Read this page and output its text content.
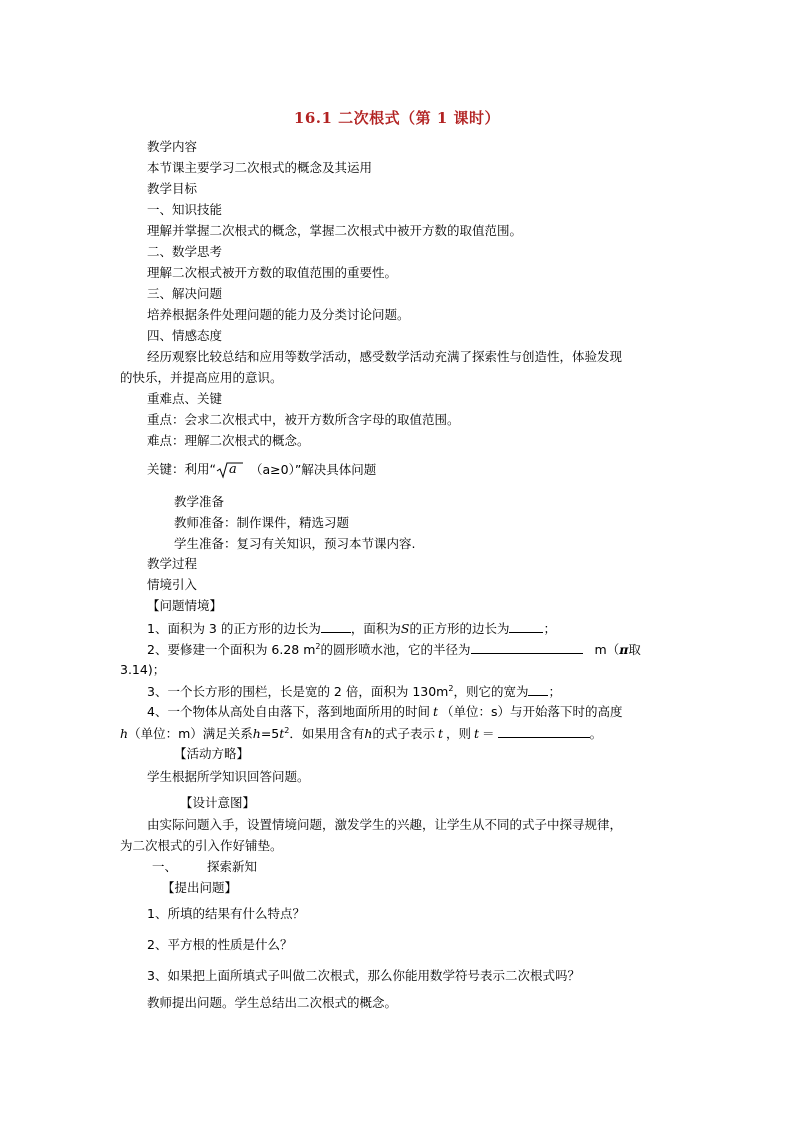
16.1 二次根式（第 1 课时）
教学内容
本节课主要学习二次根式的概念及其运用
教学目标
一、知识技能
理解并掌握二次根式的概念，掌握二次根式中被开方数的取值范围。
二、数学思考
理解二次根式被开方数的取值范围的重要性。
三、解决问题
培养根据条件处理问题的能力及分类讨论问题。
四、情感态度
经历观察比较总结和应用等数学活动，感受数学活动充满了探索性与创造性，体验发现
的快乐，并提高应用的意识。
重难点、关键
重点：会求二次根式中，被开方数所含字母的取值范围。
难点：理解二次根式的概念。
关键：利用“ a （a≥0）”解决具体问题
教学准备
教师准备：制作课件，精选习题
学生准备：复习有关知识，预习本节课内容.
教学过程
情境引入
【问题情境】
1、面积为 3 的正方形的边长为 ，面积为S的正方形的边长为	；
2、要修建一个面积为 6.28 $m^2$的圆形喷水池，它的半径为	m（π取
3.14)；
3、一个长方形的围栏，长是宽的 2 倍，面积为 $130m^2$，则它的宽为 ；
4、一个物体从高处自由落下，落到地面所用的时间 t （单位：s）与开始落下时的高度
h（单位：m）满足关系$h=5t^2$．如果用含有h的式子表示 t ，则 t ＝	。
【活动方略】
学生根据所学知识回答问题。
【设计意图】
由实际问题入手，设置情境问题，激发学生的兴趣，让学生从不同的式子中探寻规律，
为二次根式的引入作好铺垫。
一、 探索新知
【提出问题】
1、所填的结果有什么特点？
2、平方根的性质是什么？
3、如果把上面所填式子叫做二次根式，那么你能用数学符号表示二次根式吗？
教师提出问题。学生总结出二次根式的概念。
